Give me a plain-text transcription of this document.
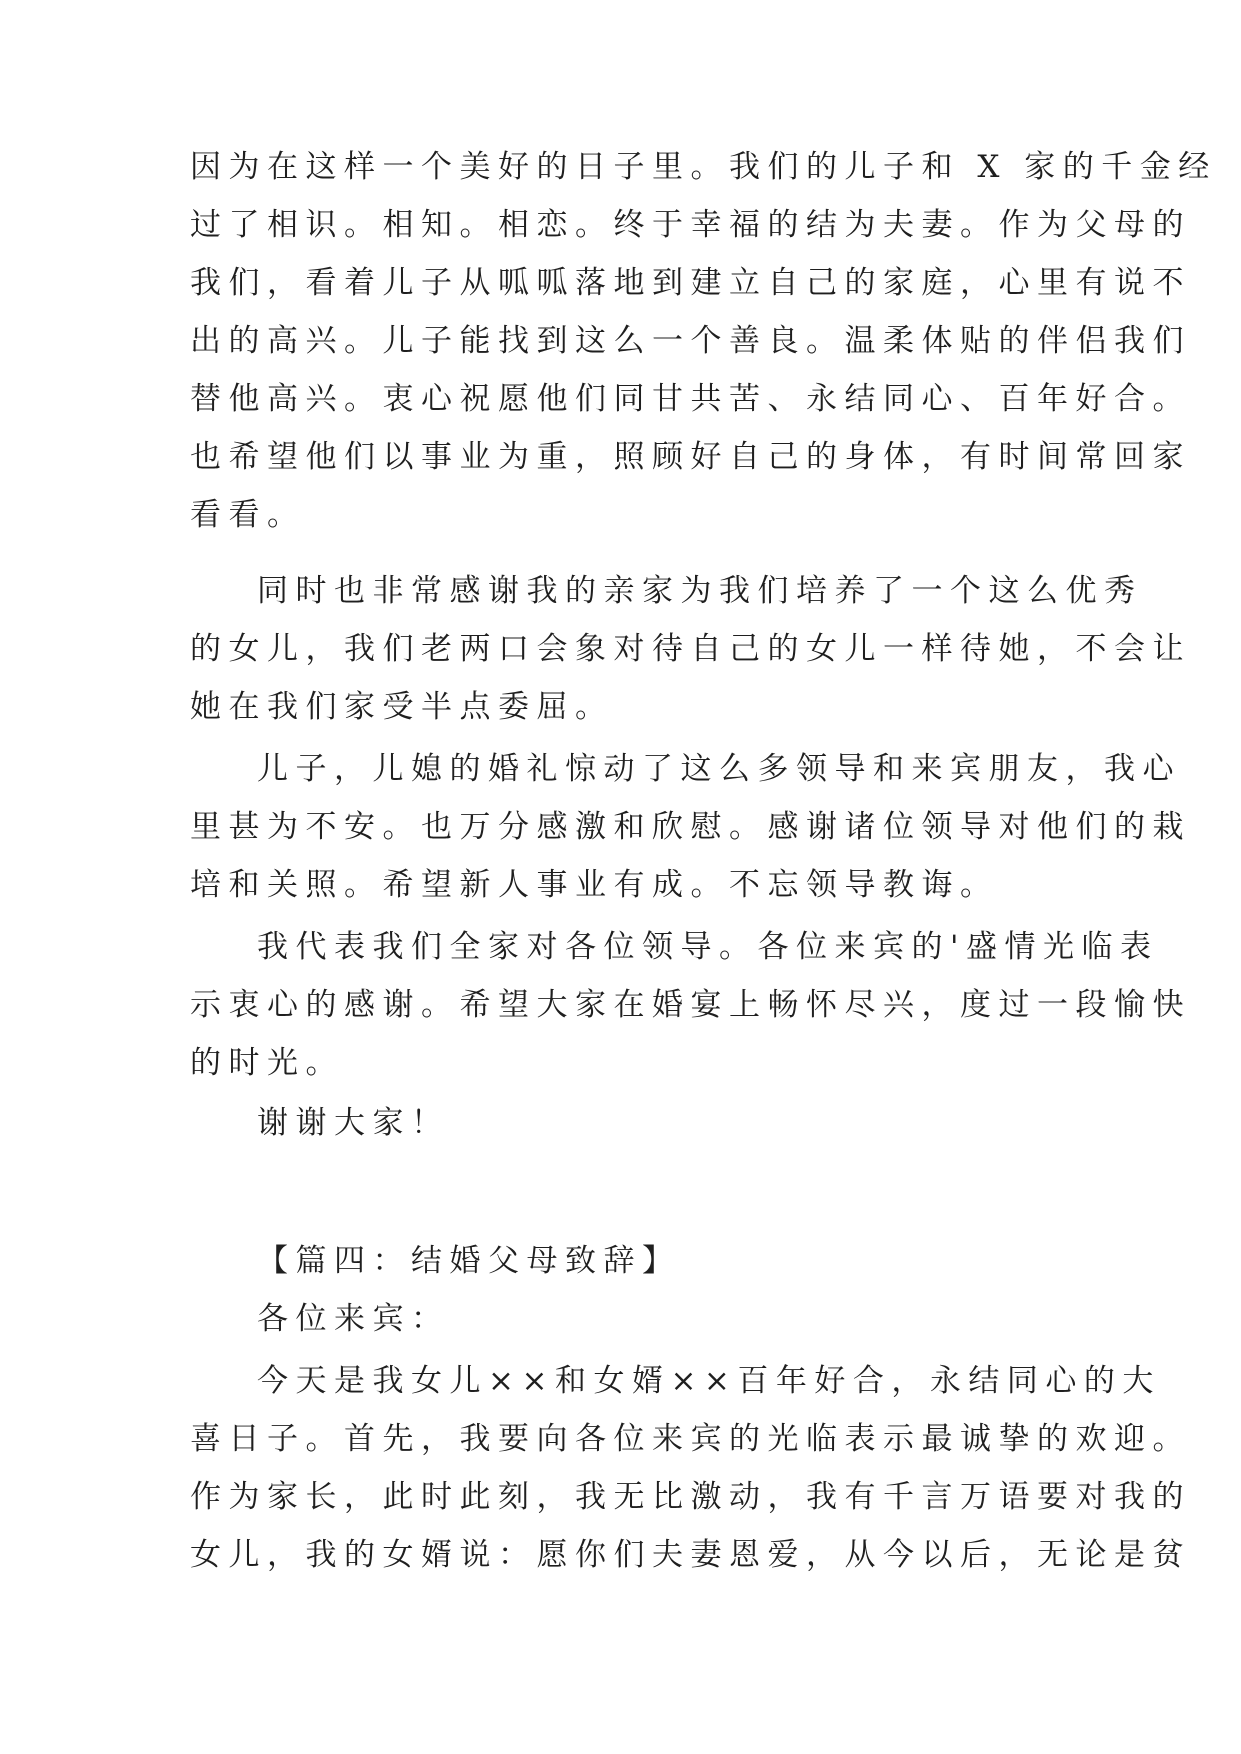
因为在这样一个美好的日子里。我们的儿子和 X 家的千金经
过了相识。相知。相恋。终于幸福的结为夫妻。作为父母的
我们，看着儿子从呱呱落地到建立自己的家庭，心里有说不
出的高兴。儿子能找到这么一个善良。温柔体贴的伴侣我们
替他高兴。衷心祝愿他们同甘共苦、永结同心、百年好合。
也希望他们以事业为重，照顾好自己的身体，有时间常回家
看看。
同时也非常感谢我的亲家为我们培养了一个这么优秀
的女儿，我们老两口会象对待自己的女儿一样待她，不会让
她在我们家受半点委屈。
儿子，儿媳的婚礼惊动了这么多领导和来宾朋友，我心
里甚为不安。也万分感激和欣慰。感谢诸位领导对他们的栽
培和关照。希望新人事业有成。不忘领导教诲。
我代表我们全家对各位领导。各位来宾的'盛情光临表
示衷心的感谢。希望大家在婚宴上畅怀尽兴，度过一段愉快
的时光。
谢谢大家！
【篇四：结婚父母致辞】
各位来宾：
今天是我女儿××和女婿××百年好合，永结同心的大
喜日子。首先，我要向各位来宾的光临表示最诚挚的欢迎。
作为家长，此时此刻，我无比激动，我有千言万语要对我的
女儿，我的女婿说：愿你们夫妻恩爱，从今以后，无论是贫
